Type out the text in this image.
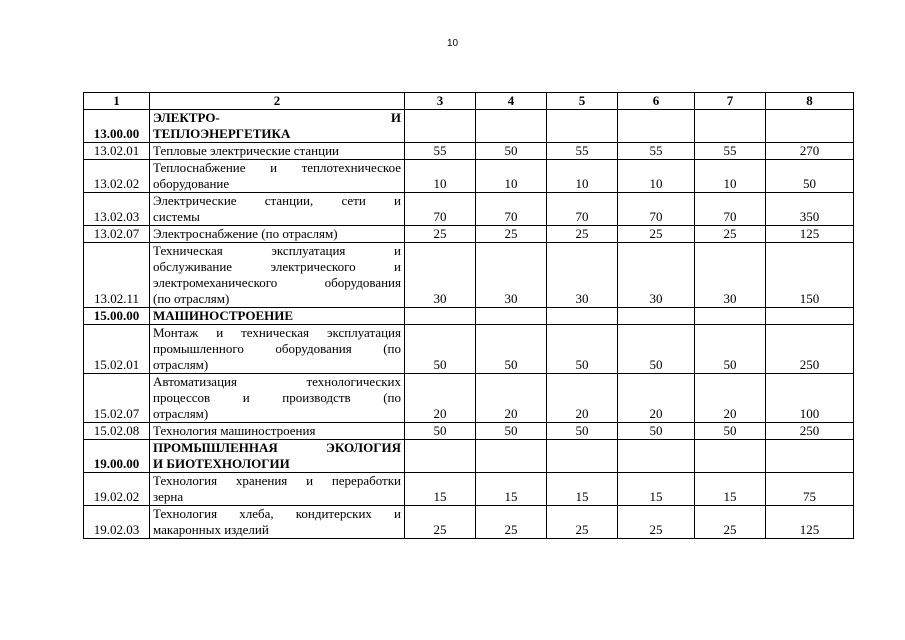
10
1	2	3	4	5	6	7	8
13.00.00	ЭЛЕКТРО- И
ТЕПЛОЭНЕРГЕТИКА						

13.02.01	Тепловые электрические станции	55	50	55	55	55	270
13.02.02	Теплоснабжение и теплотехническое
оборудование	10	10	10	10	10	50
13.02.03	Электрические станции, сети и
системы	70	70	70	70	70	350
13.02.07	Электроснабжение (по отраслям)	25	25	25	25	25	125
13.02.11	Техническая эксплуатация и
обслуживание электрического и
электромеханического оборудования
(по отраслям)	30	30	30	30	30	150
15.00.00	МАШИНОСТРОЕНИЕ						

15.02.01	Монтаж и техническая эксплуатация
промышленного оборудования (по
отраслям)	50	50	50	50	50	250
15.02.07	Автоматизация технологических
процессов и производств (по
отраслям)	20	20	20	20	20	100
15.02.08	Технология машиностроения	50	50	50	50	50	250
19.00.00	ПРОМЫШЛЕННАЯ ЭКОЛОГИЯ
И БИОТЕХНОЛОГИИ						

19.02.02	Технология хранения и переработки
зерна	15	15	15	15	15	75
19.02.03	Технология хлеба, кондитерских и
макаронных изделий	25	25	25	25	25	125
